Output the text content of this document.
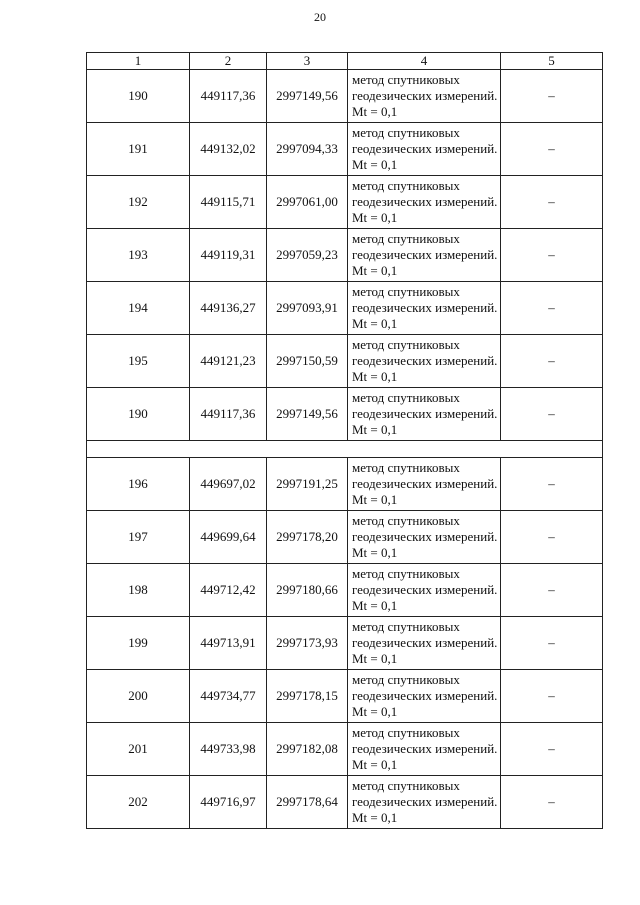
20
1	2	3	4	5
190	449117,36	2997149,56	метод спутниковых геодезических измерений. Mt = 0,1	–
191	449132,02	2997094,33	метод спутниковых геодезических измерений. Mt = 0,1	–
192	449115,71	2997061,00	метод спутниковых геодезических измерений. Mt = 0,1	–
193	449119,31	2997059,23	метод спутниковых геодезических измерений. Mt = 0,1	–
194	449136,27	2997093,91	метод спутниковых геодезических измерений. Mt = 0,1	–
195	449121,23	2997150,59	метод спутниковых геодезических измерений. Mt = 0,1	–
190	449117,36	2997149,56	метод спутниковых геодезических измерений. Mt = 0,1	–

196	449697,02	2997191,25	метод спутниковых геодезических измерений. Mt = 0,1	–
197	449699,64	2997178,20	метод спутниковых геодезических измерений. Mt = 0,1	–
198	449712,42	2997180,66	метод спутниковых геодезических измерений. Mt = 0,1	–
199	449713,91	2997173,93	метод спутниковых геодезических измерений. Mt = 0,1	–
200	449734,77	2997178,15	метод спутниковых геодезических измерений. Mt = 0,1	–
201	449733,98	2997182,08	метод спутниковых геодезических измерений. Mt = 0,1	–
202	449716,97	2997178,64	метод спутниковых геодезических измерений. Mt = 0,1	–
